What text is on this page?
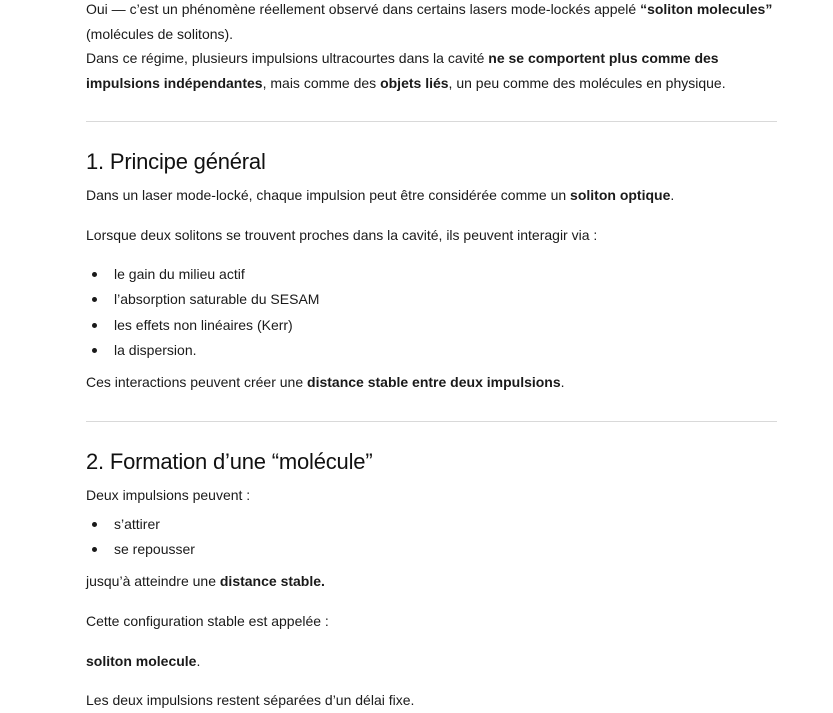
Oui — c’est un phénomène réellement observé dans certains lasers mode-lockés appelé “soliton molecules”
(molécules de solitons).

Dans ce régime, plusieurs impulsions ultracourtes dans la cavité ne se comportent plus comme des impulsions indépendantes, mais comme des objets liés, un peu comme des molécules en physique.

1. Principe général

Dans un laser mode-locké, chaque impulsion peut être considérée comme un soliton optique.

Lorsque deux solitons se trouvent proches dans la cavité, ils peuvent interagir via :

le gain du milieu actif
l’absorption saturable du SESAM
les effets non linéaires (Kerr)
la dispersion.

Ces interactions peuvent créer une distance stable entre deux impulsions.

2. Formation d’une “molécule”

Deux impulsions peuvent :

s’attirer
se repousser

jusqu’à atteindre une distance stable.

Cette configuration stable est appelée :

soliton molecule.

Les deux impulsions restent séparées d’un délai fixe.
